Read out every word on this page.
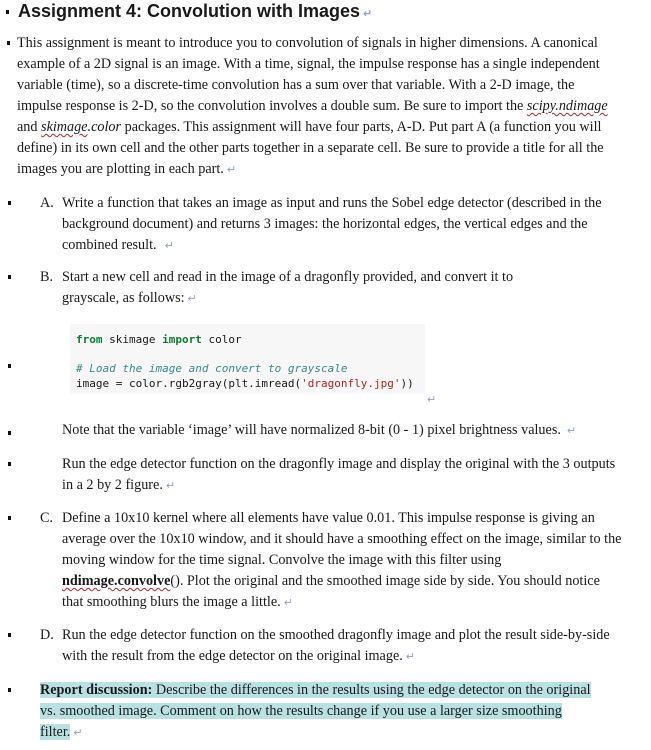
Assignment 4: Convolution with Images ↵
This assignment is meant to introduce you to convolution of signals in higher dimensions. A canonical example of a 2D signal is an image. With a time, signal, the impulse response has a single independent variable (time), so a discrete-time convolution has a sum over that variable. With a 2-D image, the impulse response is 2-D, so the convolution involves a double sum. Be sure to import the scipy.ndimage and skimage.color packages. This assignment will have four parts, A-D. Put part A (a function you will define) in its own cell and the other parts together in a separate cell. Be sure to provide a title for all the images you are plotting in each part. ↵
A. Write a function that takes an image as input and runs the Sobel edge detector (described in the background document) and returns 3 images: the horizontal edges, the vertical edges and the combined result. ↵
B. Start a new cell and read in the image of a dragonfly provided, and convert it to grayscale, as follows: ↵
from skimage import color
# Load the image and convert to grayscale
image = color.rgb2gray(plt.imread('dragonfly.jpg'))
↵
Note that the variable ‘image’ will have normalized 8-bit (0 - 1) pixel brightness values. ↵
Run the edge detector function on the dragonfly image and display the original with the 3 outputs in a 2 by 2 figure. ↵
C. Define a 10x10 kernel where all elements have value 0.01. This impulse response is giving an average over the 10x10 window, and it should have a smoothing effect on the image, similar to the moving window for the time signal. Convolve the image with this filter using ndimage.convolve(). Plot the original and the smoothed image side by side. You should notice that smoothing blurs the image a little. ↵
D. Run the edge detector function on the smoothed dragonfly image and plot the result side-by-side with the result from the edge detector on the original image. ↵
Report discussion: Describe the differences in the results using the edge detector on the original vs. smoothed image. Comment on how the results change if you use a larger size smoothing filter. ↵
